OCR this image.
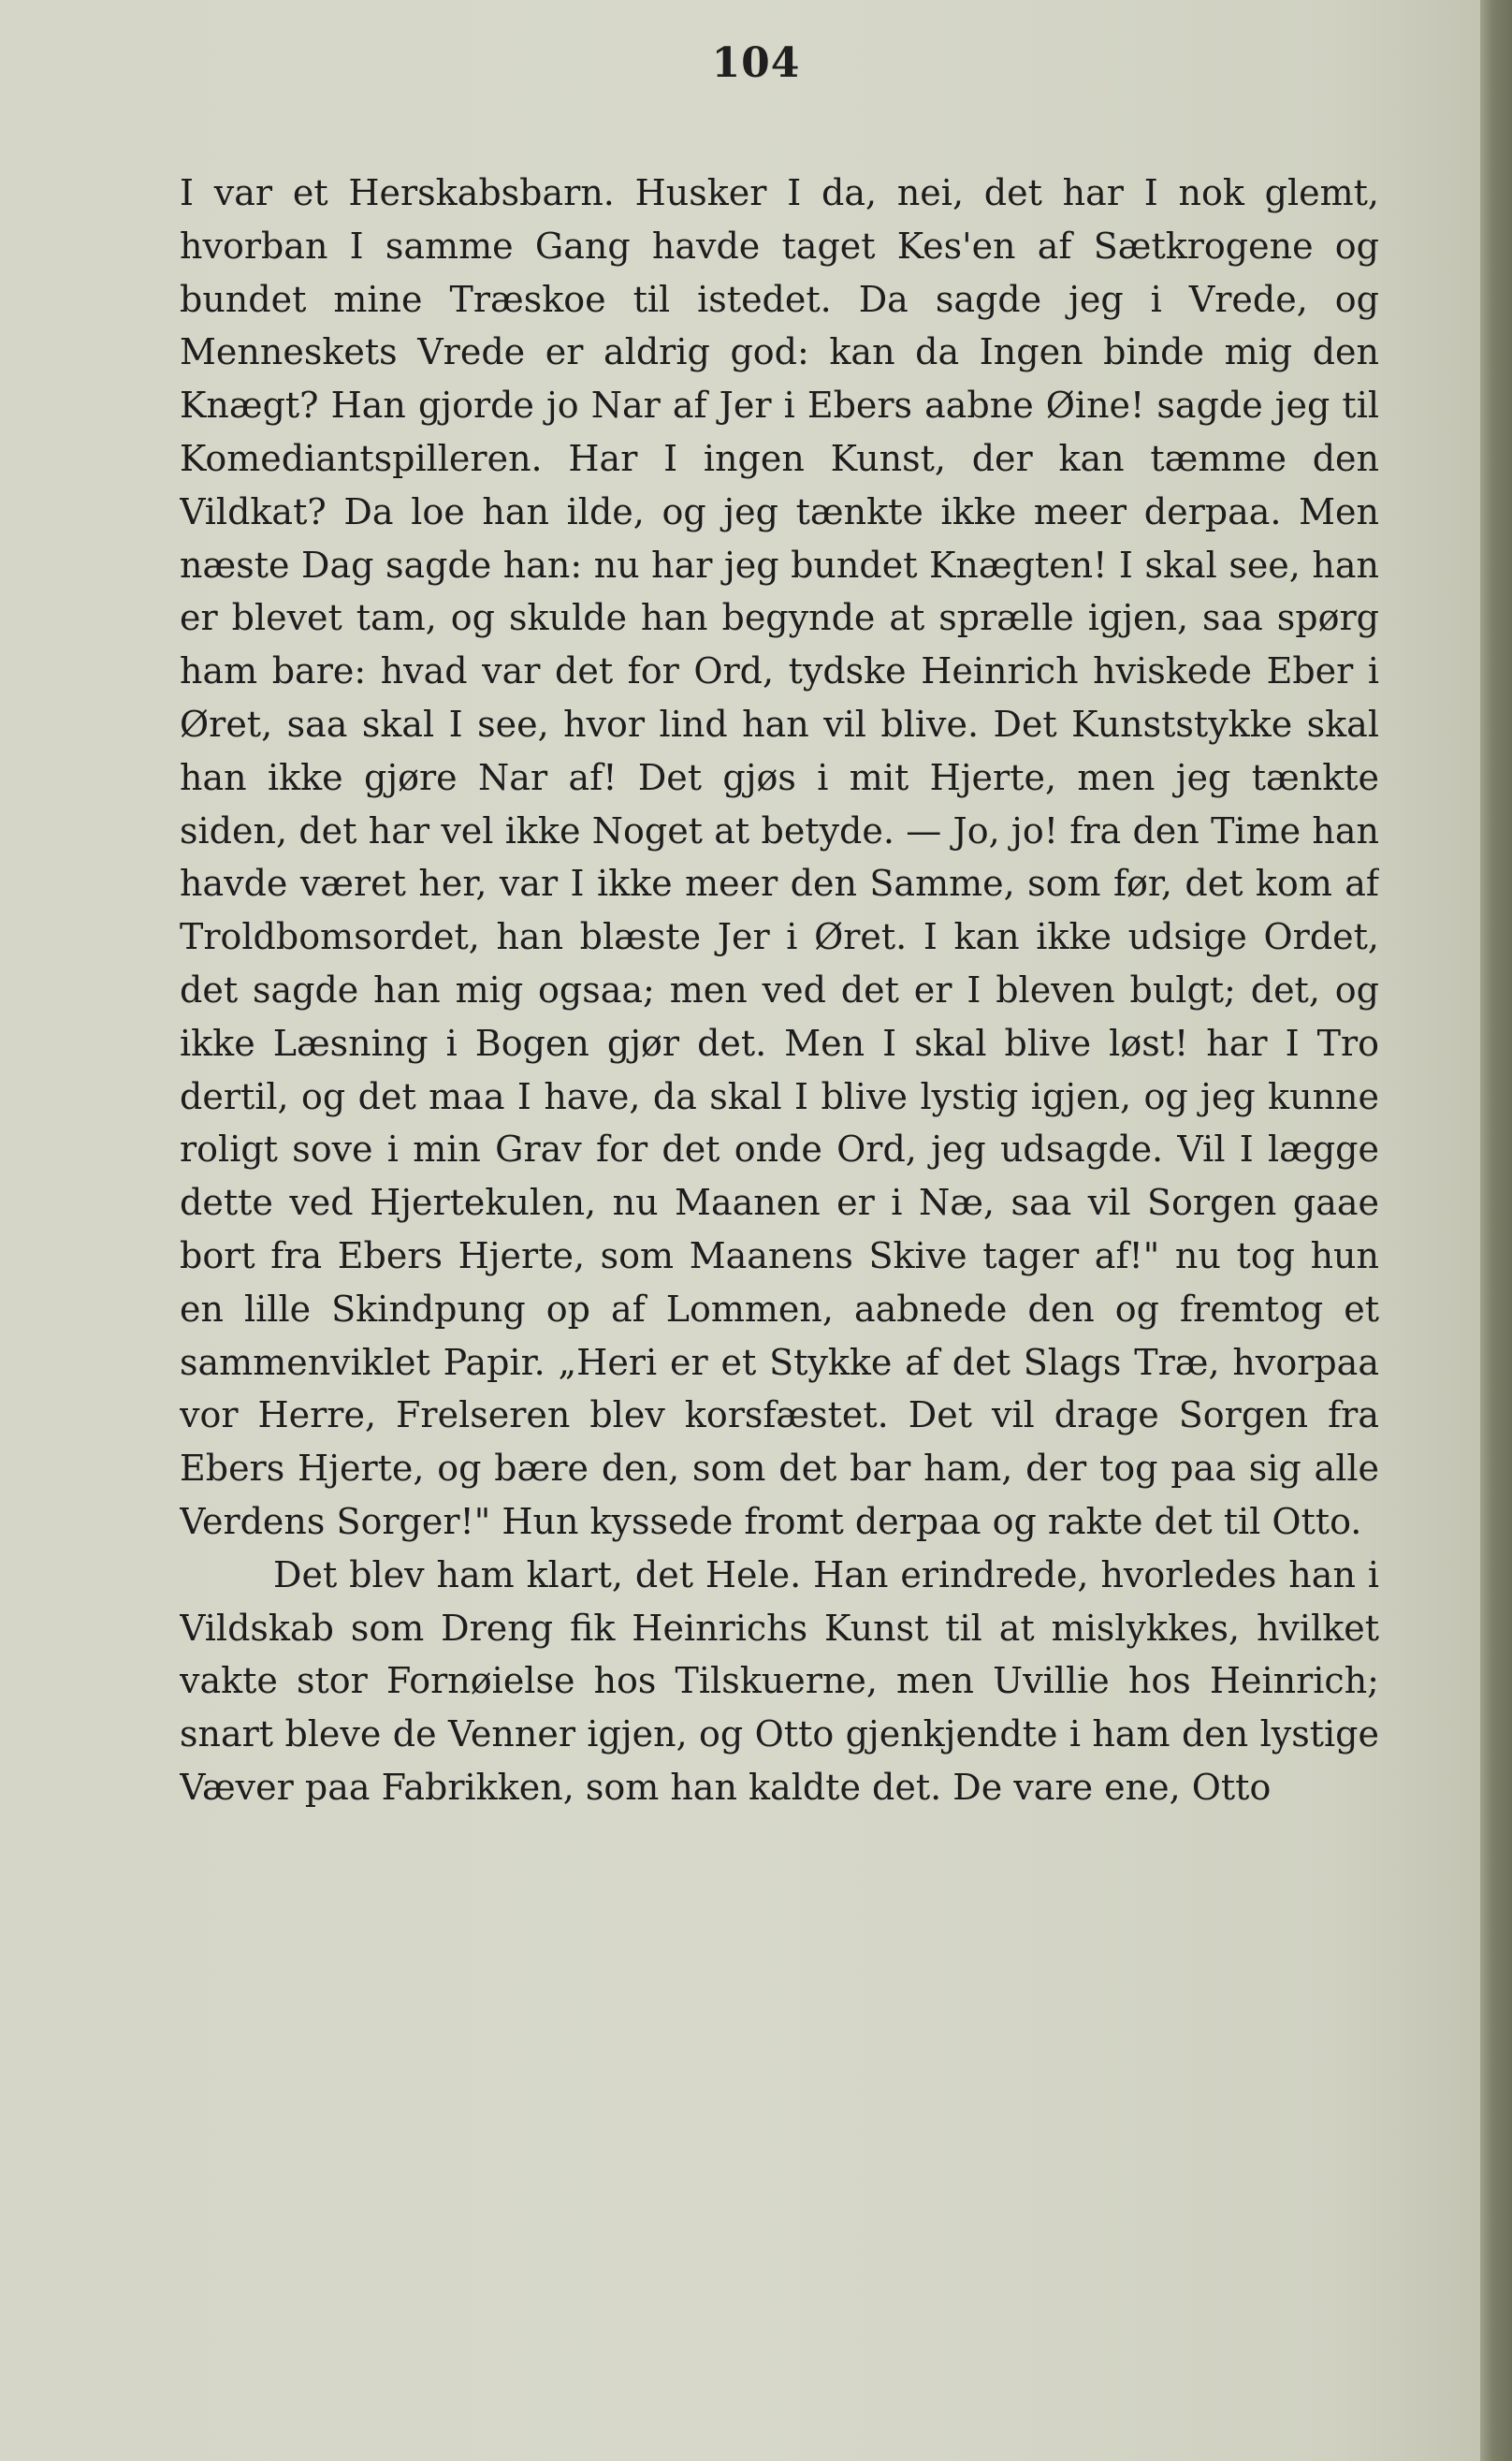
104

I var et Herskabsbarn. Husker I da, nei, det har I nok glemt, hvorban I samme Gang havde taget Kes'en af Sætkrogene og bundet mine Træskoe til istedet. Da sagde jeg i Vrede, og Menneskets Vrede er aldrig god: kan da Ingen binde mig den Knægt? Han gjorde jo Nar af Jer i Ebers aabne Øine! sagde jeg til Komediantspilleren. Har I ingen Kunst, der kan tæmme den Vildkat? Da loe han ilde, og jeg tænkte ikke meer derpaa. Men næste Dag sagde han: nu har jeg bundet Knægten! I skal see, han er blevet tam, og skulde han begynde at sprælle igjen, saa spørg ham bare: hvad var det for Ord, tydske Heinrich hviskede Eber i Øret, saa skal I see, hvor lind han vil blive. Det Kunststykke skal han ikke gjøre Nar af! Det gjøs i mit Hjerte, men jeg tænkte siden, det har vel ikke Noget at betyde. — Jo, jo! fra den Time han havde været her, var I ikke meer den Samme, som før, det kom af Troldbomsordet, han blæste Jer i Øret. I kan ikke udsige Ordet, det sagde han mig ogsaa; men ved det er I bleven bulgt; det, og ikke Læsning i Bogen gjør det. Men I skal blive løst! har I Tro dertil, og det maa I have, da skal I blive lystig igjen, og jeg kunne roligt sove i min Grav for det onde Ord, jeg udsagde. Vil I lægge dette ved Hjertekulen, nu Maanen er i Næ, saa vil Sorgen gaae bort fra Ebers Hjerte, som Maanens Skive tager af!" nu tog hun en lille Skindpung op af Lommen, aabnede den og fremtog et sammenviklet Papir. „Heri er et Stykke af det Slags Træ, hvorpaa vor Herre, Frelseren blev korsfæstet. Det vil drage Sorgen fra Ebers Hjerte, og bære den, som det bar ham, der tog paa sig alle Verdens Sorger!" Hun kyssede fromt derpaa og rakte det til Otto.

Det blev ham klart, det Hele. Han erindrede, hvorledes han i Vildskab som Dreng fik Heinrichs Kunst til at mislykkes, hvilket vakte stor Fornøielse hos Tilskuerne, men Uvillie hos Heinrich; snart bleve de Venner igjen, og Otto gjenkjendte i ham den lystige Væver paa Fabrikken, som han kaldte det. De vare ene, Otto
